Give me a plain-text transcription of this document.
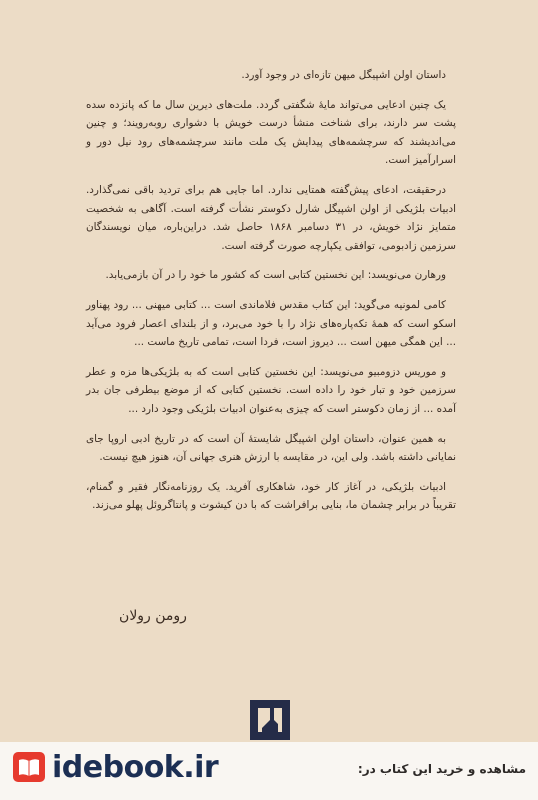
داستان اولن اشپیگل میهن تازه‌ای در وجود آورد.

یک چنین ادعایی می‌تواند مایهٔ شگفتی گردد. ملت‌های دیرین سال ما که پانزده سده پشت سر دارند، برای شناخت منشأ درست خویش با دشواری روبه‌رویند؛ و چنین می‌اندیشند که سرچشمه‌های پیدایش یک ملت مانند سرچشمه‌های رود نیل دور و اسرارآمیز است.

درحقیقت، ادعای پیش‌گفته همتایی ندارد. اما جایی هم برای تردید باقی نمی‌گذارد. ادبیات بلژیکی از اولن اشپیگل شارل دکوستر نشأت گرفته است. آگاهی به شخصیت متمایز نژاد خویش، در ۳۱ دسامبر ۱۸۶۸ حاصل شد. دراین‌باره، میان نویسندگان سرزمین زادبومی، توافقی یکپارچه صورت گرفته است.

ورهارن می‌نویسد: این نخستین کتابی است که کشور ما خود را در آن بازمی‌یابد.

کامی لمونیه می‌گوید: این کتاب مقدس فلاماندی است ... کتابی میهنی ... رود پهناور اسکو است که همهٔ تکه‌پاره‌های نژاد را با خود می‌برد، و از بلندای اعصار فرود می‌آید ... این همگی میهن است ... دیروز است، فردا است، تمامی تاریخ ماست ...

و موریس دزومبیو می‌نویسد: این نخستین کتابی است که به بلژیکی‌ها مزه و عطر سرزمین خود و تبار خود را داده است. نخستین کتابی که از موضع بیطرفی جان بدر آمده ... از زمان دکوستر است که چیزی به‌عنوان ادبیات بلژیکی وجود دارد ...

به همین عنوان، داستان اولن اشپیگل شایستهٔ آن است که در تاریخ ادبی اروپا جای نمایانی داشته باشد. ولی این، در مقایسه با ارزش هنری جهانی آن، هنوز هیچ نیست.

ادبیات بلژیکی، در آغاز کار خود، شاهکاری آفرید. یک روزنامه‌نگار فقیر و گمنام، تقریباً در برابر چشمان ما، بنایی برافراشت که با دن کیشوت و پانتاگروئل پهلو می‌زند.

رومن رولان
idebook.ir	مشاهده و خرید این کتاب در:
